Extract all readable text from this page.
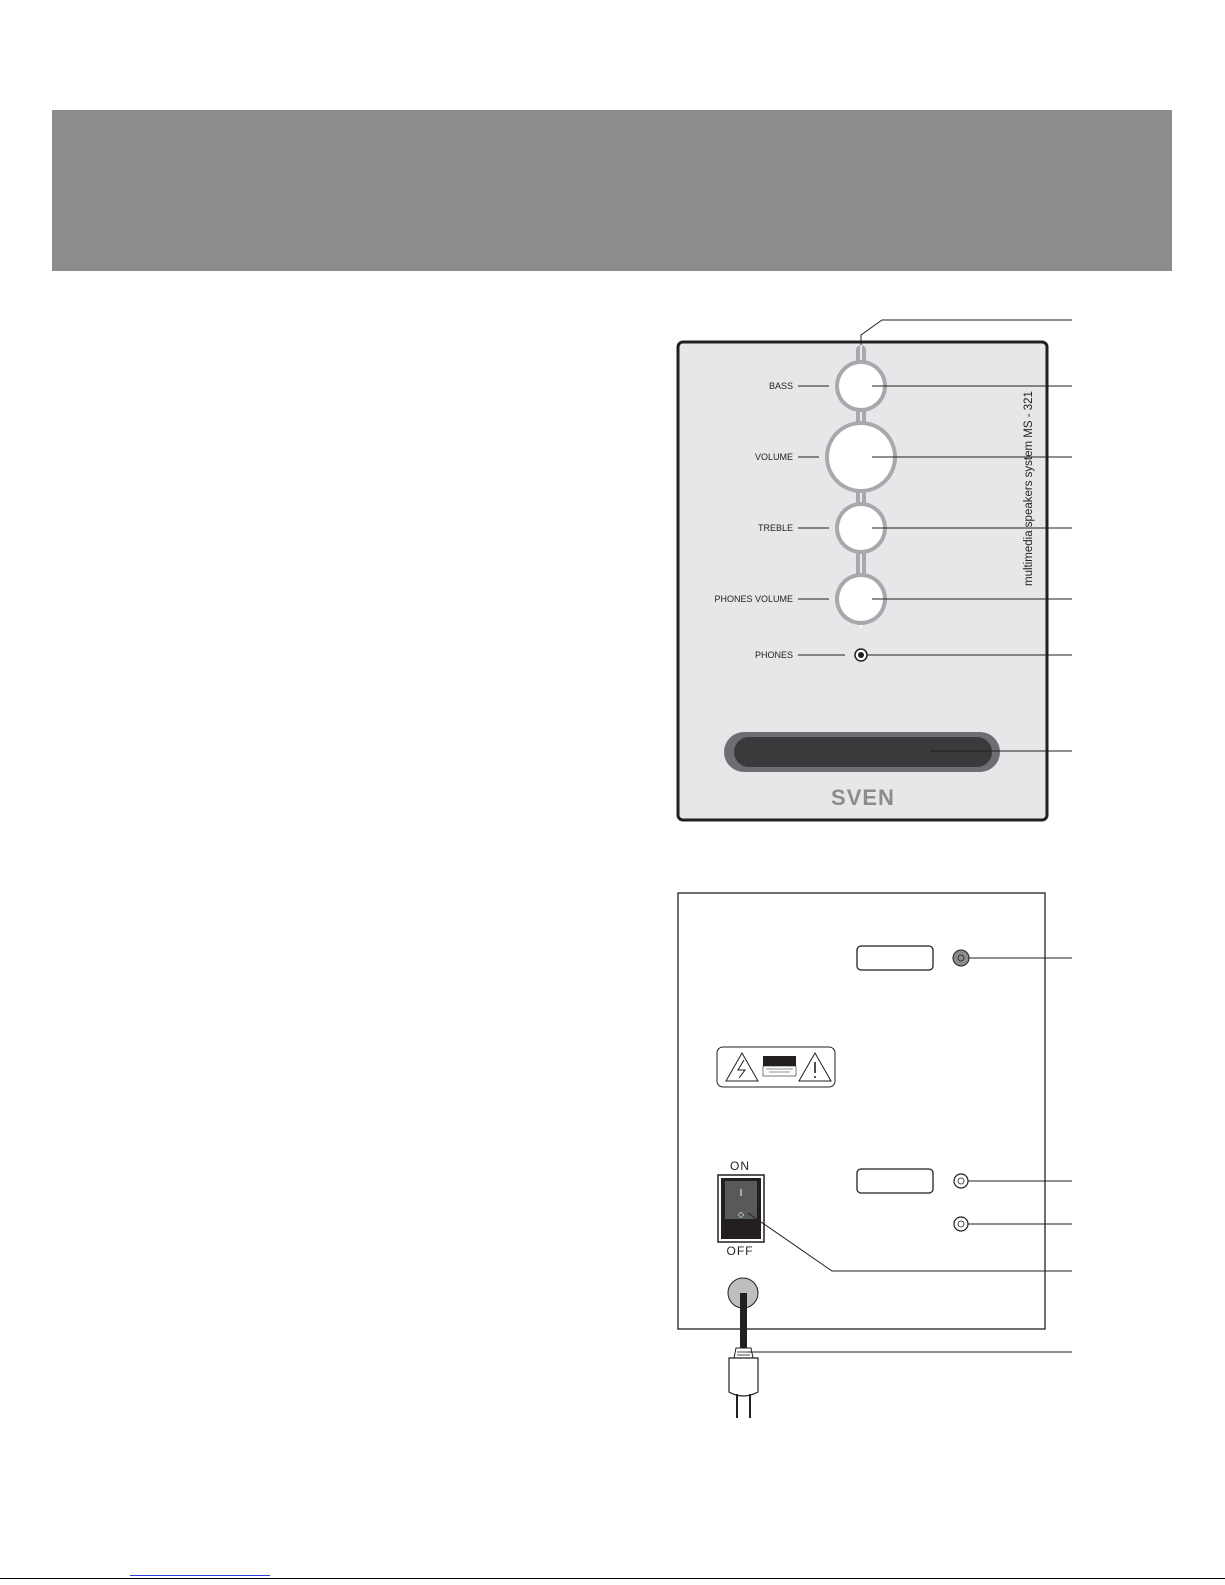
BASS
VOLUME
TREBLE
PHONES VOLUME
PHONES
multimedia speakers system MS - 321
SVEN
ON
I
◇
OFF
